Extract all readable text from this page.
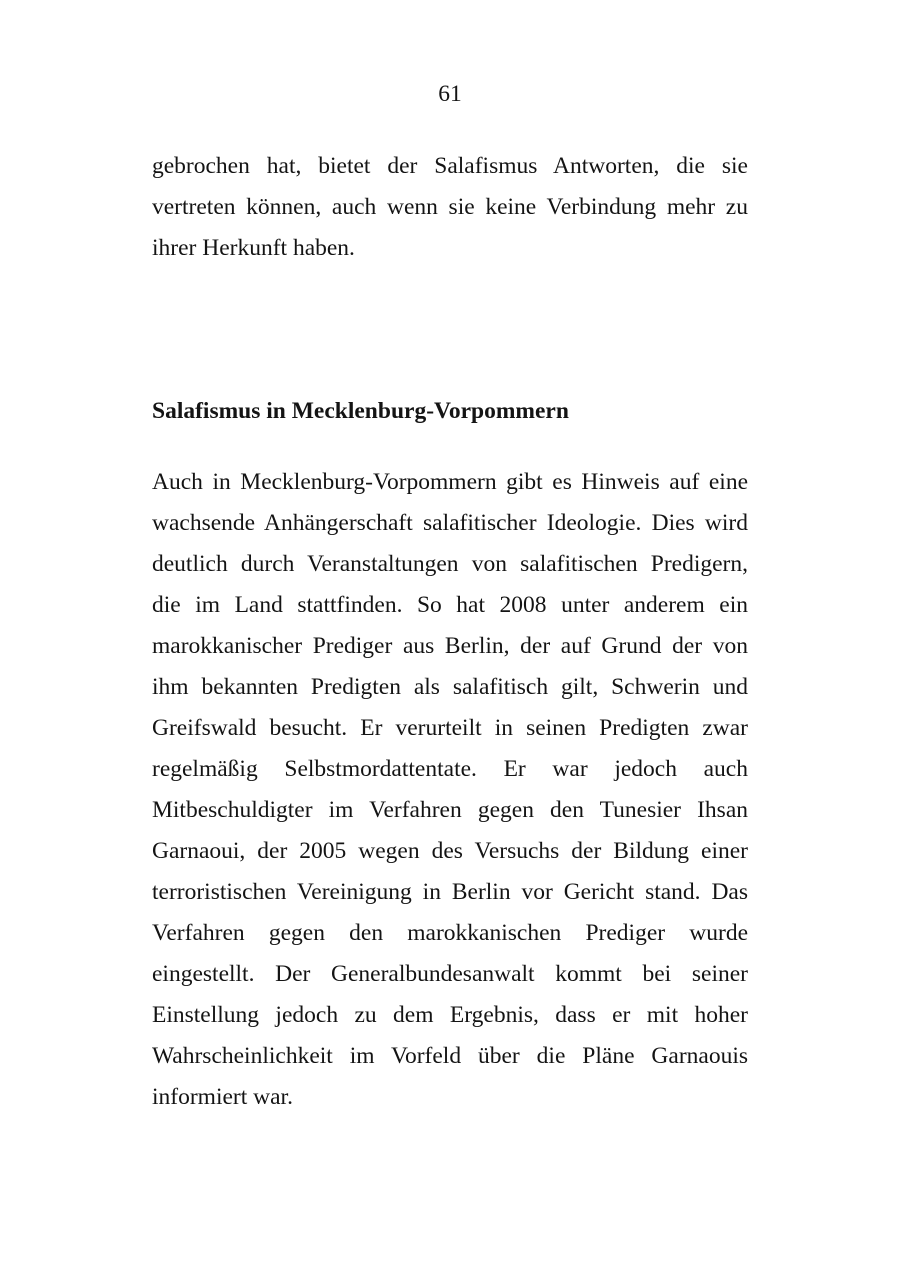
61
gebrochen hat, bietet der Salafismus Antworten, die sie
vertreten können, auch wenn sie keine Verbindung mehr zu
ihrer Herkunft haben.
Salafismus in Mecklenburg-Vorpommern
Auch in Mecklenburg-Vorpommern gibt es Hinweis auf eine
wachsende Anhängerschaft salafitischer Ideologie. Dies wird
deutlich durch Veranstaltungen von salafitischen Predigern,
die im Land stattfinden. So hat 2008 unter anderem ein
marokkanischer Prediger aus Berlin, der auf Grund der von
ihm bekannten Predigten als salafitisch gilt, Schwerin und
Greifswald besucht. Er verurteilt in seinen Predigten zwar
regelmäßig Selbstmordattentate. Er war jedoch auch
Mitbeschuldigter im Verfahren gegen den Tunesier Ihsan
Garnaoui, der 2005 wegen des Versuchs der Bildung einer
terroristischen Vereinigung in Berlin vor Gericht stand. Das
Verfahren gegen den marokkanischen Prediger wurde
eingestellt. Der Generalbundesanwalt kommt bei seiner
Einstellung jedoch zu dem Ergebnis, dass er mit hoher
Wahrscheinlichkeit im Vorfeld über die Pläne Garnaouis
informiert war.
